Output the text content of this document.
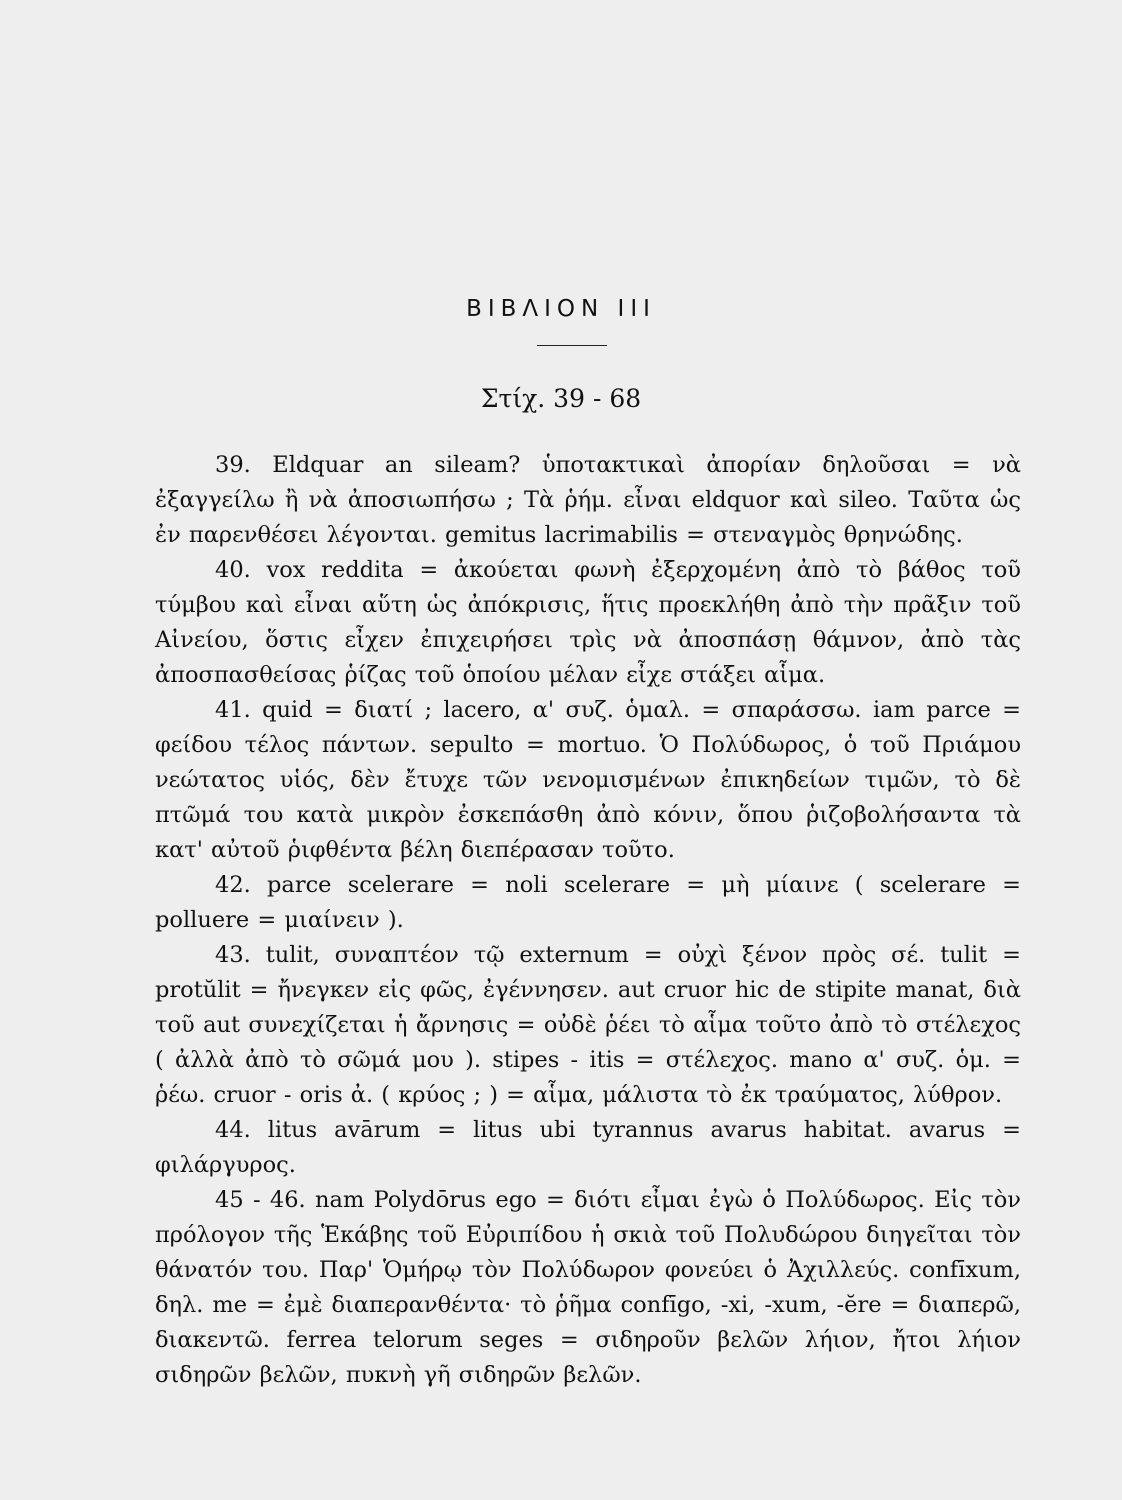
ΒΙΒΛΙΟΝ ΙΙΙ
Στίχ. 39 - 68

39. Eldquar an sileam? ὑποτακτικαὶ ἀπορίαν δηλοῦσαι = νὰ ἐξαγγείλω ἢ νὰ ἀποσιωπήσω ; Τὰ ῥήμ. εἶναι eldquor καὶ sileo. Ταῦτα ὡς ἐν παρενθέσει λέγονται. gemitus lacrimabilis = στεναγμὸς θρηνώδης.

40. vox reddita = ἀκούεται φωνὴ ἐξερχομένη ἀπὸ τὸ βάθος τοῦ τύμβου καὶ εἶναι αὕτη ὡς ἀπόκρισις, ἥτις προεκλήθη ἀπὸ τὴν πρᾶξιν τοῦ Αἰνείου, ὅστις εἶχεν ἐπιχειρήσει τρὶς νὰ ἀποσπάσῃ θάμνον, ἀπὸ τὰς ἀποσπασθείσας ῥίζας τοῦ ὁποίου μέλαν εἶχε στάξει αἷμα.

41. quid = διατί ; lacero, α' συζ. ὁμαλ. = σπαράσσω. iam parce = φείδου τέλος πάντων. sepulto = mortuo. Ὁ Πολύδωρος, ὁ τοῦ Πριάμου νεώτατος υἱός, δὲν ἔτυχε τῶν νενομισμένων ἐπικηδείων τιμῶν, τὸ δὲ πτῶμά του κατὰ μικρὸν ἐσκεπάσθη ἀπὸ κόνιν, ὅπου ῥιζοβολήσαντα τὰ κατ' αὐτοῦ ῥιφθέντα βέλη διεπέρασαν τοῦτο.

42. parce scelerare = noli scelerare = μὴ μίαινε ( scelerare = polluere = μιαίνειν ).

43. tulit, συναπτέον τῷ externum = οὐχὶ ξένον πρὸς σέ. tulit = protŭlit = ἤνεγκεν εἰς φῶς, ἐγέννησεν. aut cruor hic de stipite manat, διὰ τοῦ aut συνεχίζεται ἡ ἄρνησις = οὐδὲ ῥέει τὸ αἷμα τοῦτο ἀπὸ τὸ στέλεχος ( ἀλλὰ ἀπὸ τὸ σῶμά μου ). stipes - itis = στέλεχος. mano α' συζ. ὁμ. = ῥέω. cruor - oris ἀ. ( κρύος ; ) = αἷμα, μάλιστα τὸ ἐκ τραύματος, λύθρον.

44. litus avārum = litus ubi tyrannus avarus habitat. avarus = φιλάργυρος.

45 - 46. nam Polydōrus ego = διότι εἶμαι ἐγὼ ὁ Πολύδωρος. Εἰς τὸν πρόλογον τῆς Ἑκάβης τοῦ Εὐριπίδου ἡ σκιὰ τοῦ Πολυδώρου διηγεῖται τὸν θάνατόν του. Παρ' Ὁμήρῳ τὸν Πολύδωρον φονεύει ὁ Ἀχιλλεύς. confīxum, δηλ. me = ἐμὲ διαπερανθέντα· τὸ ῥῆμα confīgo, -xi, -xum, -ĕre = διαπερῶ, διακεντῶ. ferrea telorum seges = σιδηροῦν βελῶν λήιον, ἤτοι λήιον σιδηρῶν βελῶν, πυκνὴ γῆ σιδηρῶν βελῶν.
